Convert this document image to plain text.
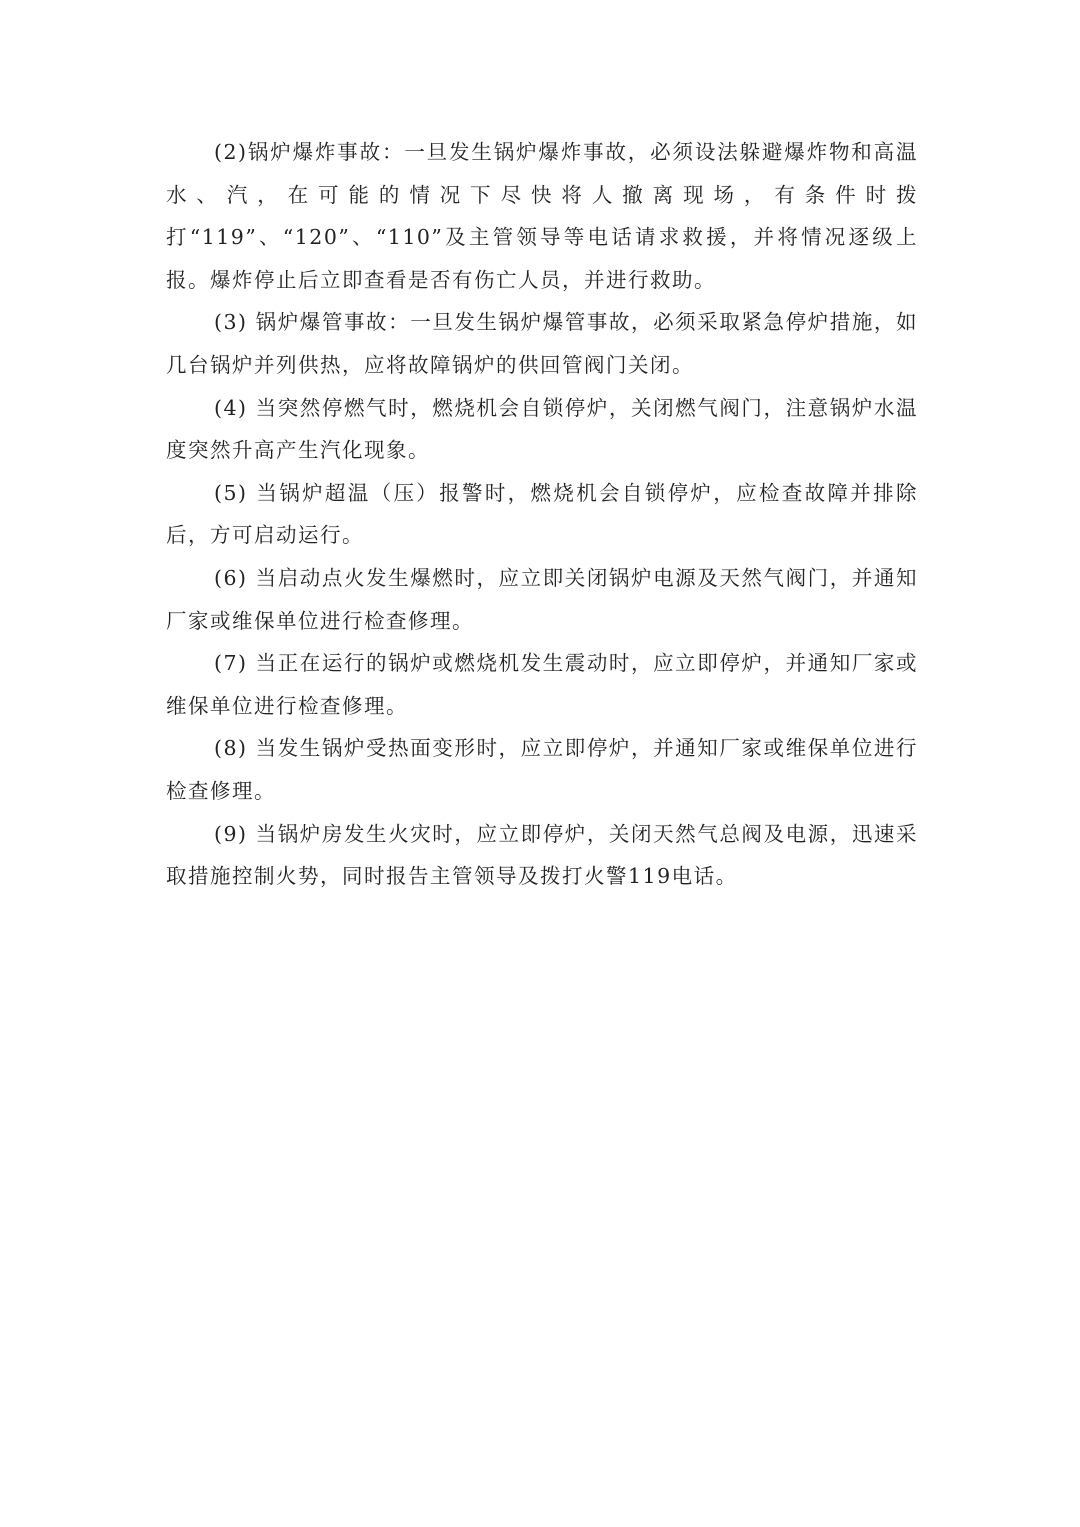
(2)锅炉爆炸事故：一旦发生锅炉爆炸事故，必须设法躲避爆炸物和高温水、汽，在可能的情况下尽快将人撤离现场，有条件时拨打“119”、“120”、“110”及主管领导等电话请求救援，并将情况逐级上报。爆炸停止后立即查看是否有伤亡人员，并进行救助。

(3) 锅炉爆管事故：一旦发生锅炉爆管事故，必须采取紧急停炉措施，如几台锅炉并列供热，应将故障锅炉的供回管阀门关闭。

(4) 当突然停燃气时，燃烧机会自锁停炉，关闭燃气阀门，注意锅炉水温度突然升高产生汽化现象。

(5) 当锅炉超温（压）报警时，燃烧机会自锁停炉，应检查故障并排除后，方可启动运行。

(6) 当启动点火发生爆燃时，应立即关闭锅炉电源及天然气阀门，并通知厂家或维保单位进行检查修理。

(7) 当正在运行的锅炉或燃烧机发生震动时，应立即停炉，并通知厂家或维保单位进行检查修理。

(8) 当发生锅炉受热面变形时，应立即停炉，并通知厂家或维保单位进行检查修理。

(9) 当锅炉房发生火灾时，应立即停炉，关闭天然气总阀及电源，迅速采取措施控制火势，同时报告主管领导及拨打火警119电话。
